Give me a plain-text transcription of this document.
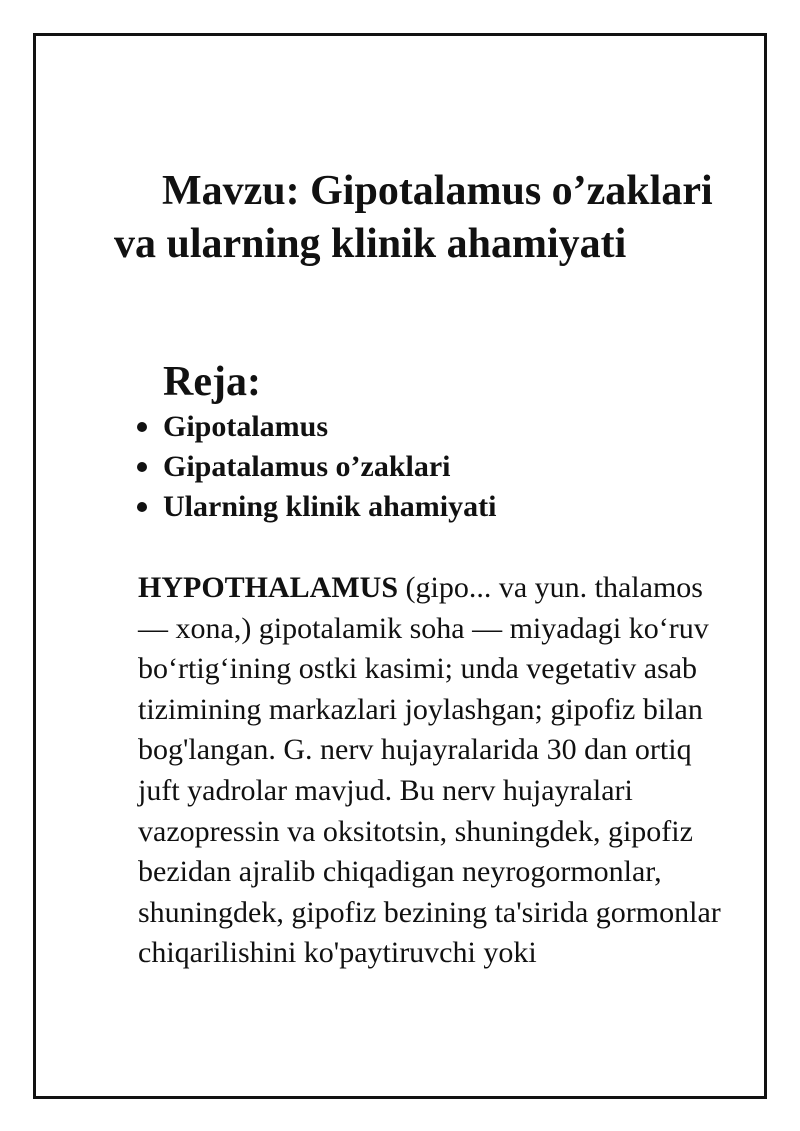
Mavzu: Gipotalamus o’zaklari va ularning klinik ahamiyati
Reja:
Gipotalamus
Gipatalamus o’zaklari
Ularning klinik ahamiyati

HYPOTHALAMUS (gipo... va yun. thalamos — xona,) gipotalamik soha — miyadagi ko‘ruv bo‘rtig‘ining ostki kasimi; unda vegetativ asab tizimining markazlari joylashgan; gipofiz bilan bog'langan. G. nerv hujayralarida 30 dan ortiq juft yadrolar mavjud. Bu nerv hujayralari vazopressin va oksitotsin, shuningdek, gipofiz bezidan ajralib chiqadigan neyrogormonlar, shuningdek, gipofiz bezining ta'sirida gormonlar chiqarilishini ko'paytiruvchi yoki
